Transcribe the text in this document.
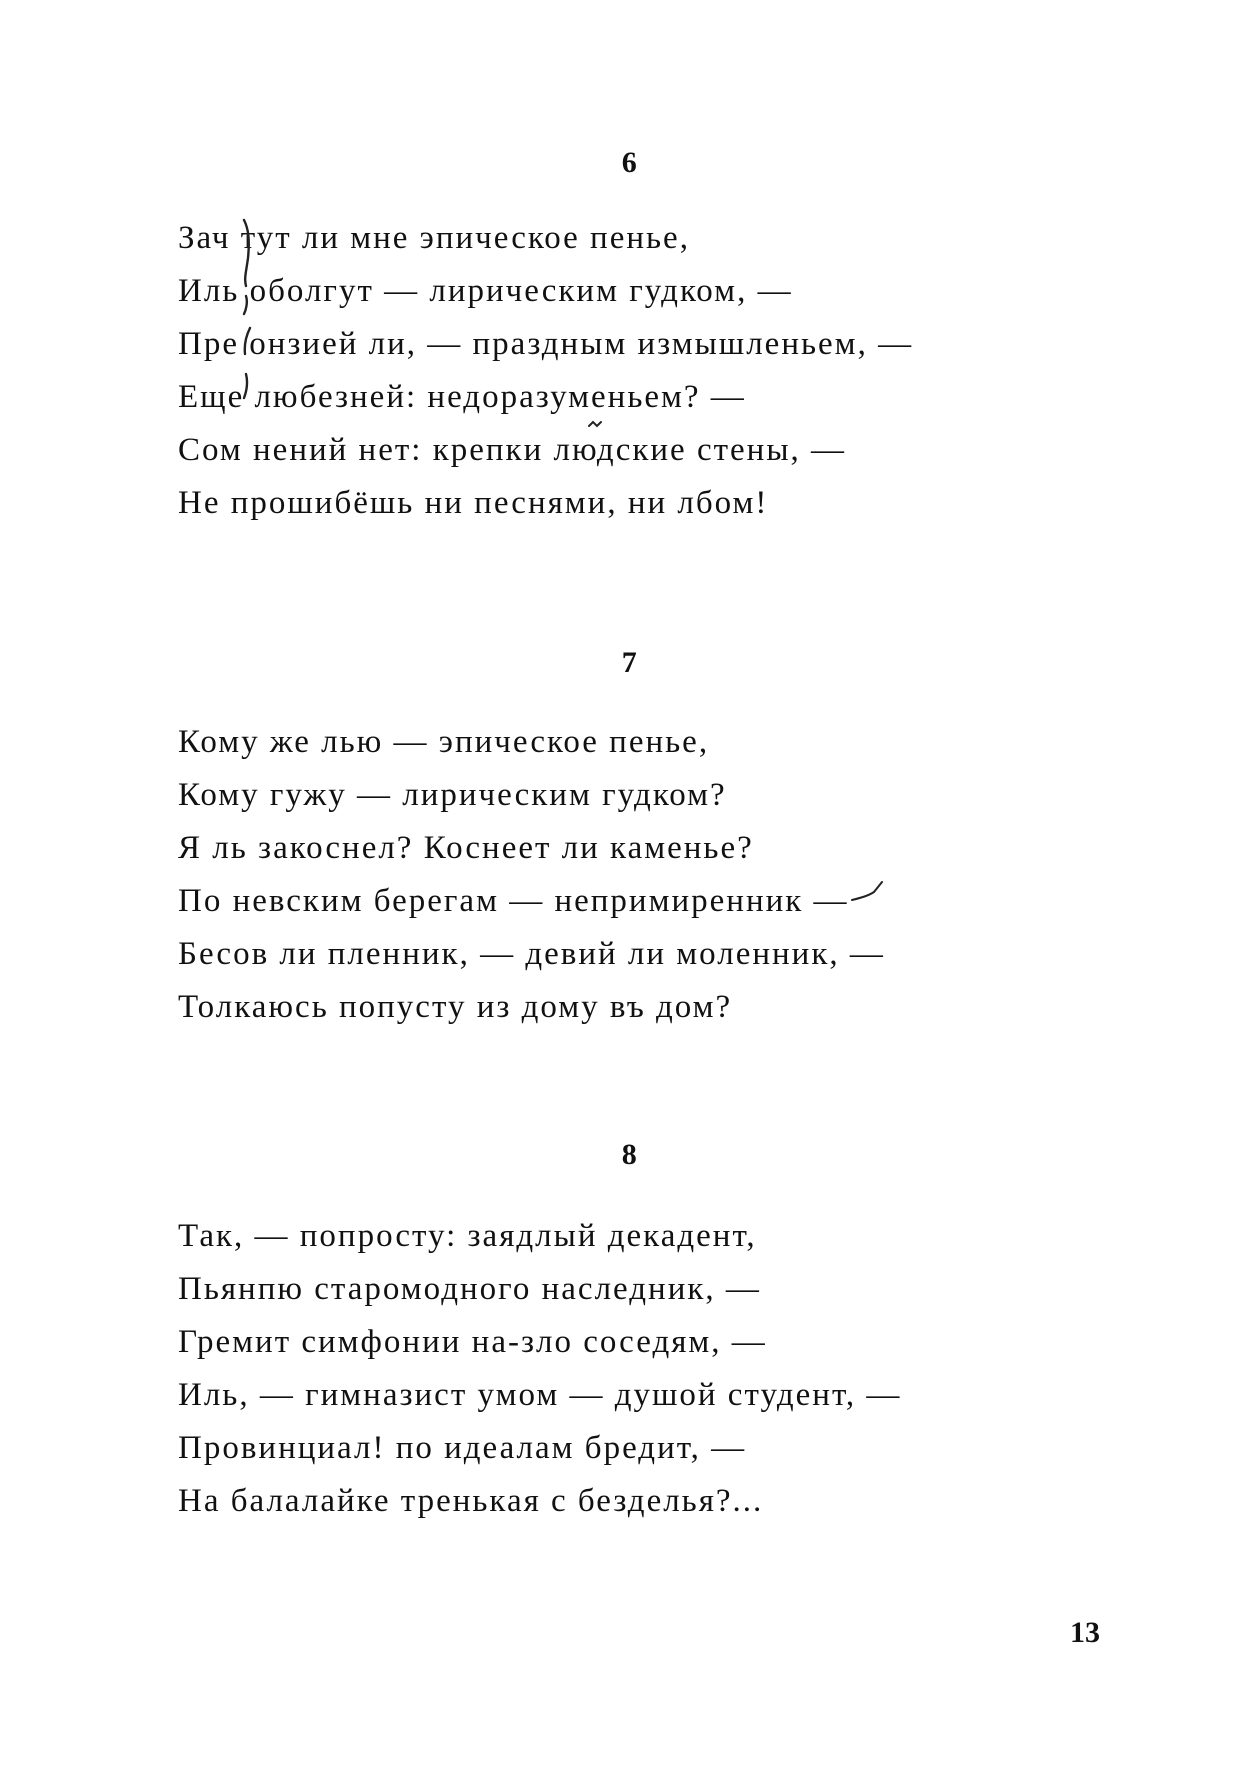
6
Зач тут ли мне эпическое пенье,
Иль оболгут — лирическим гудком, —
Пре онзией ли, — праздным измышленьем, —
Еще любезней: недоразуменьем? —
Сом нений нет: крепки людские стены, —
Не прошибёшь ни песнями, ни лбом!
7
Кому же лью — эпическое пенье,
Кому гужу — лирическим гудком?
Я ль закоснел? Коснеет ли каменье?
По невским берегам — непримиренник —
Бесов ли пленник, — девий ли моленник, —
Толкаюсь попусту из дому въ дом?
8
Так, — попросту: заядлый декадент,
Пьянпю старомодного наследник, —
Гремит симфонии на-зло соседям, —
Иль, — гимназист умом — душой студент, —
Провинциал! по идеалам бредит, —
На балалайке тренькая с безделья?...
13
